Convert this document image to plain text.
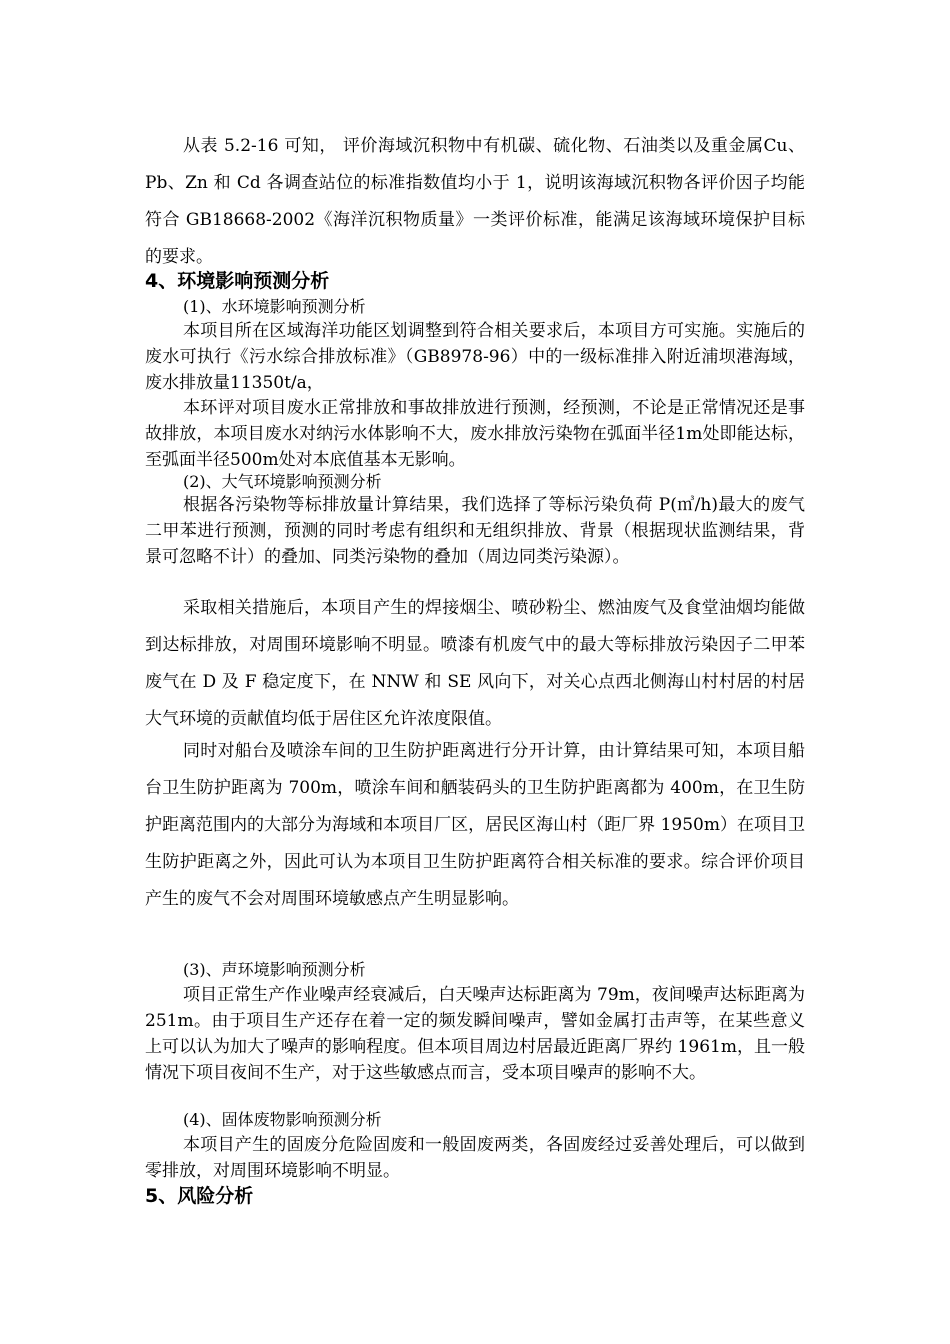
从表 5.2-16 可知， 评价海域沉积物中有机碳、硫化物、石油类以及重金属Cu、Pb、Zn 和 Cd 各调查站位的标准指数值均小于 1，说明该海域沉积物各评价因子均能符合 GB18668-2002《海洋沉积物质量》一类评价标准，能满足该海域环境保护目标的要求。

4、环境影响预测分析
(1)、水环境影响预测分析

本项目所在区域海洋功能区划调整到符合相关要求后，本项目方可实施。实施后的废水可执行《污水综合排放标准》（GB8978-96）中的一级标准排入附近浦坝港海域，废水排放量11350t/a，

本环评对项目废水正常排放和事故排放进行预测，经预测，不论是正常情况还是事故排放，本项目废水对纳污水体影响不大，废水排放污染物在弧面半径1m处即能达标，至弧面半径500m处对本底值基本无影响。

(2)、大气环境影响预测分析

根据各污染物等标排放量计算结果，我们选择了等标污染负荷 P(㎥/h)最大的废气二甲苯进行预测，预测的同时考虑有组织和无组织排放、背景（根据现状监测结果，背景可忽略不计）的叠加、同类污染物的叠加（周边同类污染源）。

采取相关措施后，本项目产生的焊接烟尘、喷砂粉尘、燃油废气及食堂油烟均能做到达标排放，对周围环境影响不明显。喷漆有机废气中的最大等标排放污染因子二甲苯废气在 D 及 F 稳定度下，在 NNW 和 SE 风向下，对关心点西北侧海山村村居的村居大气环境的贡献值均低于居住区允许浓度限值。

同时对船台及喷涂车间的卫生防护距离进行分开计算，由计算结果可知，本项目船台卫生防护距离为 700m，喷涂车间和舾装码头的卫生防护距离都为 400m，在卫生防护距离范围内的大部分为海域和本项目厂区，居民区海山村（距厂界 1950m）在项目卫生防护距离之外，因此可认为本项目卫生防护距离符合相关标准的要求。综合评价项目产生的废气不会对周围环境敏感点产生明显影响。

(3)、声环境影响预测分析

项目正常生产作业噪声经衰减后，白天噪声达标距离为 79m，夜间噪声达标距离为 251m。由于项目生产还存在着一定的频发瞬间噪声，譬如金属打击声等，在某些意义上可以认为加大了噪声的影响程度。但本项目周边村居最近距离厂界约 1961m，且一般情况下项目夜间不生产，对于这些敏感点而言，受本项目噪声的影响不大。

(4)、固体废物影响预测分析

本项目产生的固废分危险固废和一般固废两类，各固废经过妥善处理后，可以做到零排放，对周围环境影响不明显。

5、风险分析
